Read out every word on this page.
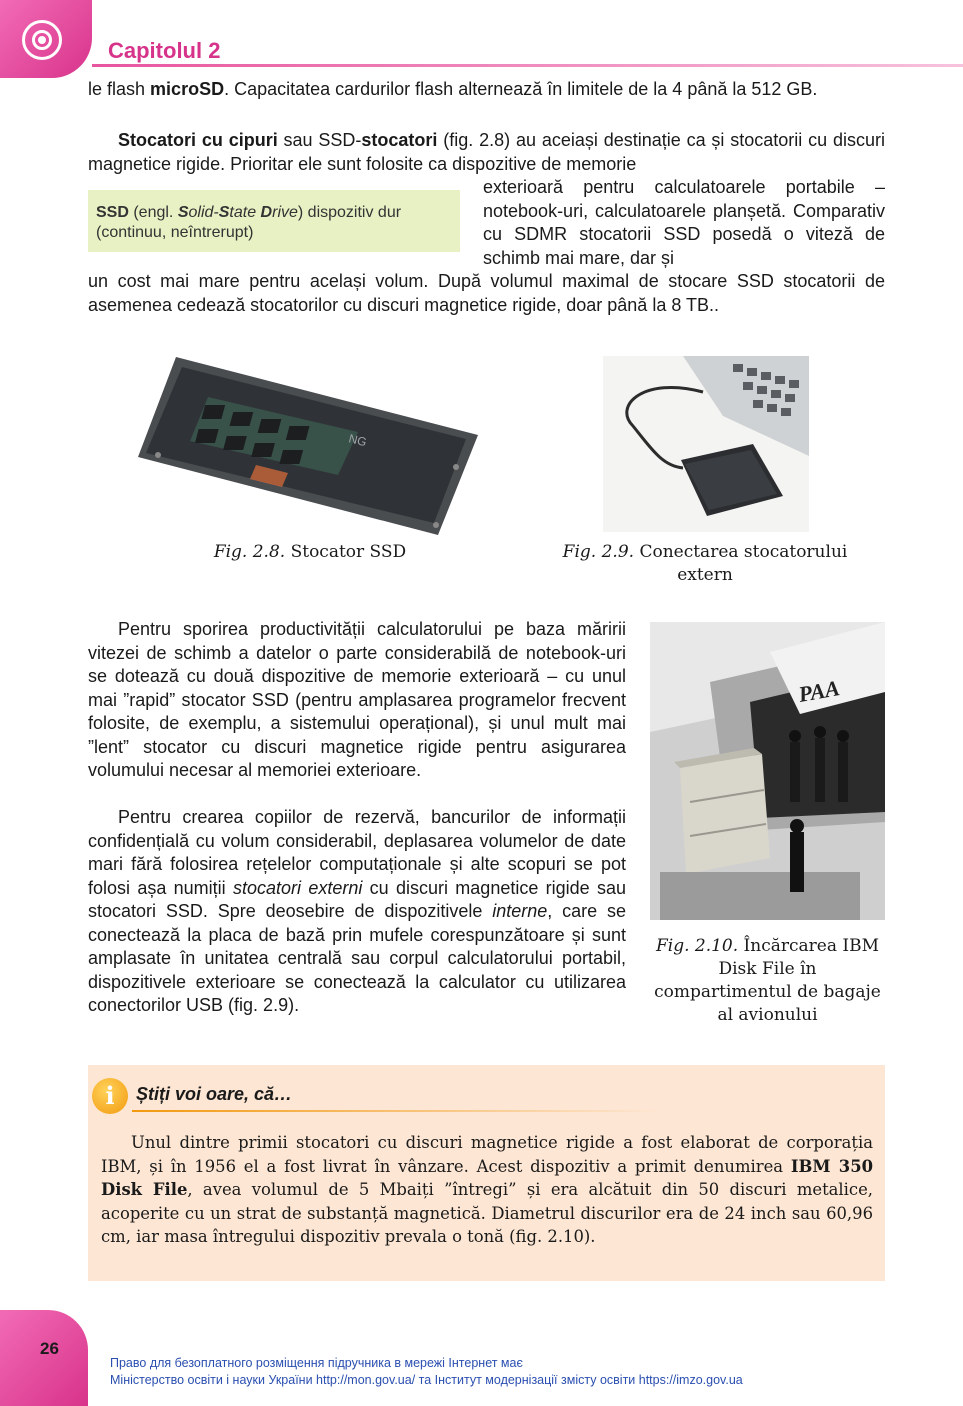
Capitolul 2
le flash microSD. Capacitatea cardurilor flash alternează în limitele de la 4 până la 512 GB.
Stocatori cu cipuri sau SSD-stocatori (fig. 2.8) au aceiași destinație ca și stocatorii cu discuri magnetice rigide. Prioritar ele sunt folosite ca dispozitive de memorie
SSD (engl. Solid-State Drive) dispozitiv dur (continuu, neîntrerupt)
exterioară pentru calculatoarele portabile – notebook-uri, calculatoarele planșetă. Comparativ cu SDMR stocatorii SSD posedă o viteză de schimb mai mare, dar și
un cost mai mare pentru același volum. După volumul maximal de stocare SSD stocatorii de asemenea cedează stocatorilor cu discuri magnetice rigide, doar până la 8 TB..
NG
Fig. 2.8. Stocator SSD	Fig. 2.9. Conectarea stocatorului extern
Pentru sporirea productivității calculatorului pe baza măririi vitezei de schimb a datelor o parte considerabilă de notebook-uri se dotează cu două dispozitive de memorie exterioară – cu unul mai ”rapid” stocator SSD (pentru amplasarea programelor frecvent folosite, de exemplu, a sistemului operațional), și unul mult mai ”lent” stocator cu discuri magnetice rigide pentru asigurarea volumului necesar al memoriei exterioare.
Pentru crearea copiilor de rezervă, bancurilor de informații confidențială cu volum considerabil, deplasarea volumelor de date mari fără folosirea rețelelor computaționale și alte scopuri se pot folosi așa numiții stocatori externi cu discuri magnetice rigide sau stocatori SSD. Spre deosebire de dispozitivele interne, care se conectează la placa de bază prin mufele corespunzătoare și sunt amplasate în unitatea centrală sau corpul calculatorului portabil, dispozitivele exterioare se conectează la calculator cu utilizarea conectorilor USB (fig. 2.9).
PAA
Fig. 2.10. Încărcarea IBM Disk File în compartimentul de bagaje al avionului
i	Știți voi oare, că…
Unul dintre primii stocatori cu discuri magnetice rigide a fost elaborat de corporația IBM, și în 1956 el a fost livrat în vânzare. Acest dispozitiv a primit denumirea IBM 350 Disk File, avea volumul de 5 Mbaiți ”întregi” și era alcătuit din 50 discuri metalice, acoperite cu un strat de substanță magnetică. Diametrul discurilor era de 24 inch sau 60,96 cm, iar masa întregului dispozitiv prevala o tonă (fig. 2.10).
26
Право для безоплатного розміщення підручника в мережі Інтернет має
Міністерство освіти і науки України http://mon.gov.ua/ та Інститут модернізації змісту освіти https://imzo.gov.ua
